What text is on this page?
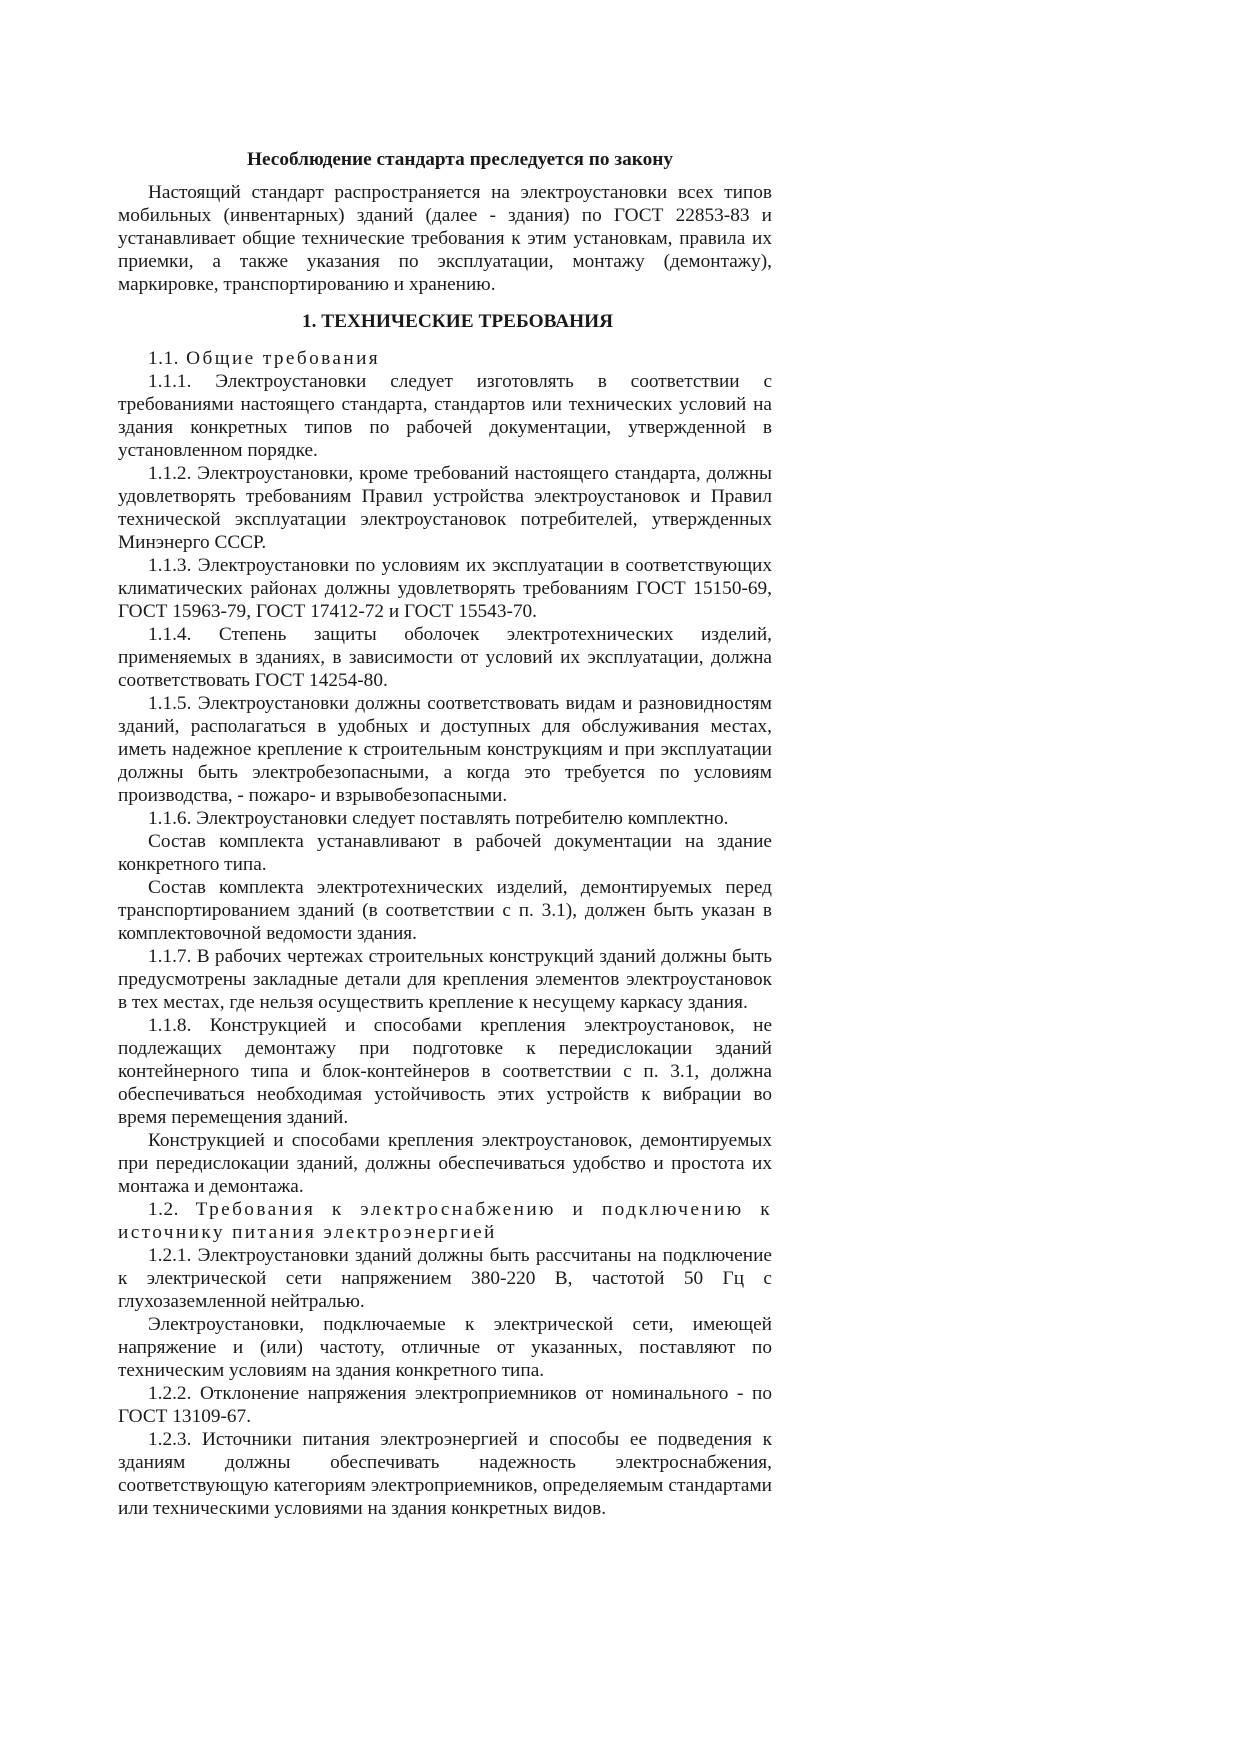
Несоблюдение стандарта преследуется по закону

Настоящий стандарт распространяется на электроустановки всех типов мобильных (инвентарных) зданий (далее - здания) по ГОСТ 22853-83 и устанавливает общие технические требования к этим установкам, правила их приемки, а также указания по эксплуатации, монтажу (демонтажу), маркировке, транспортированию и хранению.

1. ТЕХНИЧЕСКИЕ ТРЕБОВАНИЯ

1.1. Общие требования

1.1.1. Электроустановки следует изготовлять в соответствии с требованиями настоящего стандарта, стандартов или технических условий на здания конкретных типов по рабочей документации, утвержденной в установленном порядке.

1.1.2. Электроустановки, кроме требований настоящего стандарта, должны удовлетворять требованиям Правил устройства электроустановок и Правил технической эксплуатации электроустановок потребителей, утвержденных Минэнерго СССР.

1.1.3. Электроустановки по условиям их эксплуатации в соответствующих климатических районах должны удовлетворять требованиям ГОСТ 15150-69, ГОСТ 15963-79, ГОСТ 17412-72 и ГОСТ 15543-70.

1.1.4. Степень защиты оболочек электротехнических изделий, применяемых в зданиях, в зависимости от условий их эксплуатации, должна соответствовать ГОСТ 14254-80.

1.1.5. Электроустановки должны соответствовать видам и разновидностям зданий, располагаться в удобных и доступных для обслуживания местах, иметь надежное крепление к строительным конструкциям и при эксплуатации должны быть электробезопасными, а когда это требуется по условиям производства, - пожаро- и взрывобезопасными.

1.1.6. Электроустановки следует поставлять потребителю комплектно.

Состав комплекта устанавливают в рабочей документации на здание конкретного типа.

Состав комплекта электротехнических изделий, демонтируемых перед транспортированием зданий (в соответствии с п. 3.1), должен быть указан в комплектовочной ведомости здания.

1.1.7. В рабочих чертежах строительных конструкций зданий должны быть предусмотрены закладные детали для крепления элементов электроустановок в тех местах, где нельзя осуществить крепление к несущему каркасу здания.

1.1.8. Конструкцией и способами крепления электроустановок, не подлежащих демонтажу при подготовке к передислокации зданий контейнерного типа и блок-контейнеров в соответствии с п. 3.1, должна обеспечиваться необходимая устойчивость этих устройств к вибрации во время перемещения зданий.

Конструкцией и способами крепления электроустановок, демонтируемых при передислокации зданий, должны обеспечиваться удобство и простота их монтажа и демонтажа.

1.2. Требования к электроснабжению и подключению к источнику питания электроэнергией

1.2.1. Электроустановки зданий должны быть рассчитаны на подключение к электрической сети напряжением 380-220 В, частотой 50 Гц с глухозаземленной нейтралью.

Электроустановки, подключаемые к электрической сети, имеющей напряжение и (или) частоту, отличные от указанных, поставляют по техническим условиям на здания конкретного типа.

1.2.2. Отклонение напряжения электроприемников от номинального - по ГОСТ 13109-67.

1.2.3. Источники питания электроэнергией и способы ее подведения к зданиям должны обеспечивать надежность электроснабжения, соответствующую категориям электроприемников, определяемым стандартами или техническими условиями на здания конкретных видов.
